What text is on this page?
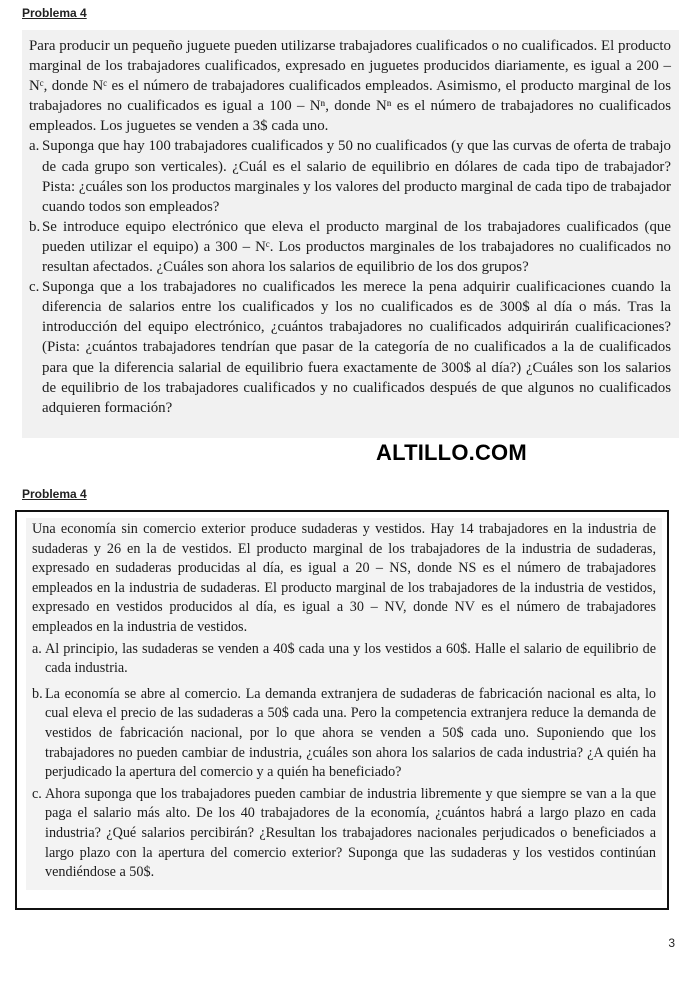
Problema 4

Para producir un pequeño juguete pueden utilizarse trabajadores cualificados o no cualificados. El producto marginal de los trabajadores cualificados, expresado en juguetes producidos diariamente, es igual a 200 – Nᶜ, donde Nᶜ es el número de trabajadores cualificados empleados. Asimismo, el producto marginal de los trabajadores no cualificados es igual a 100 – Nⁿ, donde Nⁿ es el número de trabajadores no cualificados empleados. Los juguetes se venden a 3$ cada uno.

a. Suponga que hay 100 trabajadores cualificados y 50 no cualificados (y que las curvas de oferta de trabajo de cada grupo son verticales). ¿Cuál es el salario de equilibrio en dólares de cada tipo de trabajador? Pista: ¿cuáles son los productos marginales y los valores del producto marginal de cada tipo de trabajador cuando todos son empleados?
b. Se introduce equipo electrónico que eleva el producto marginal de los trabajadores cualificados (que pueden utilizar el equipo) a 300 – Nᶜ. Los productos marginales de los trabajadores no cualificados no resultan afectados. ¿Cuáles son ahora los salarios de equilibrio de los dos grupos?
c. Suponga que a los trabajadores no cualificados les merece la pena adquirir cualificaciones cuando la diferencia de salarios entre los cualificados y los no cualificados es de 300$ al día o más. Tras la introducción del equipo electrónico, ¿cuántos trabajadores no cualificados adquirirán cualificaciones? (Pista: ¿cuántos trabajadores tendrían que pasar de la categoría de no cualificados a la de cualificados para que la diferencia salarial de equilibrio fuera exactamente de 300$ al día?) ¿Cuáles son los salarios de equilibrio de los trabajadores cualificados y no cualificados después de que algunos no cualificados adquieren formación?
ALTILLO.COM
Problema 4

Una economía sin comercio exterior produce sudaderas y vestidos. Hay 14 trabajadores en la industria de sudaderas y 26 en la de vestidos. El producto marginal de los trabajadores de la industria de sudaderas, expresado en sudaderas producidas al día, es igual a 20 – NS, donde NS es el número de trabajadores empleados en la industria de sudaderas. El producto marginal de los trabajadores de la industria de vestidos, expresado en vestidos producidos al día, es igual a 30 – NV, donde NV es el número de trabajadores empleados en la industria de vestidos.

a. Al principio, las sudaderas se venden a 40$ cada una y los vestidos a 60$. Halle el salario de equilibrio de cada industria.
b. La economía se abre al comercio. La demanda extranjera de sudaderas de fabricación nacional es alta, lo cual eleva el precio de las sudaderas a 50$ cada una. Pero la competencia extranjera reduce la demanda de vestidos de fabricación nacional, por lo que ahora se venden a 50$ cada uno. Suponiendo que los trabajadores no pueden cambiar de industria, ¿cuáles son ahora los salarios de cada industria? ¿A quién ha perjudicado la apertura del comercio y a quién ha beneficiado?
c. Ahora suponga que los trabajadores pueden cambiar de industria libremente y que siempre se van a la que paga el salario más alto. De los 40 trabajadores de la economía, ¿cuántos habrá a largo plazo en cada industria? ¿Qué salarios percibirán? ¿Resultan los trabajadores nacionales perjudicados o beneficiados a largo plazo con la apertura del comercio exterior? Suponga que las sudaderas y los vestidos continúan vendiéndose a 50$.
3
